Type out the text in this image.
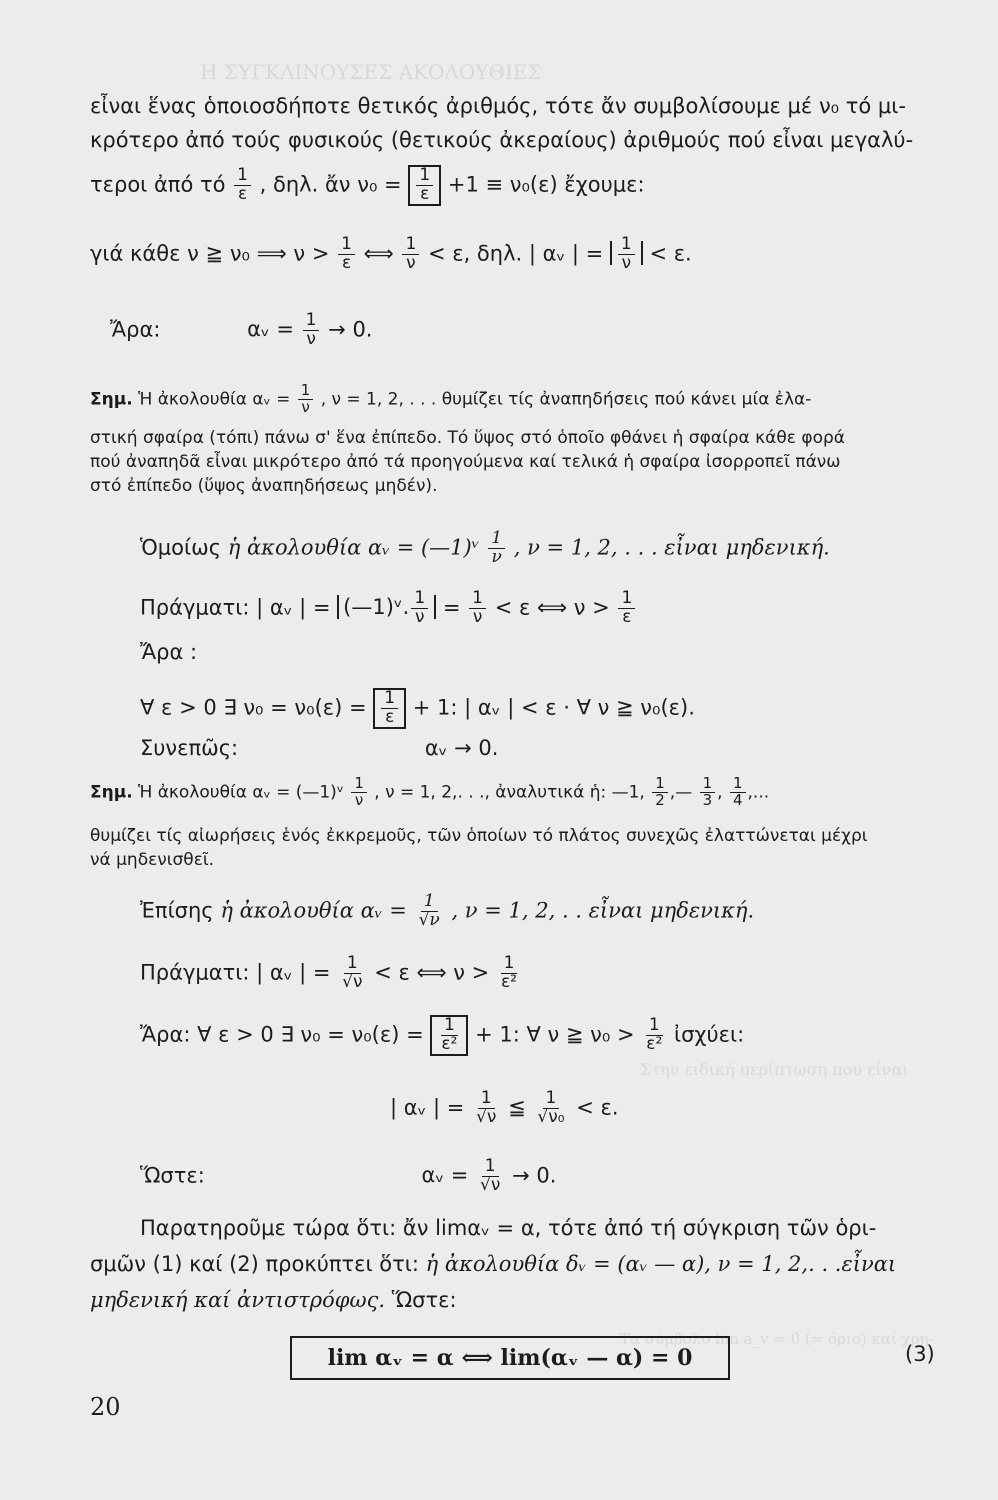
Η ΣΥΓΚΛΙΝΟΥΣΕΣ ΑΚΟΛΟΥΘΙΕΣ
Στην ειδική περίπτωση που είναι
Τα σύμβολο lim a_v = 0 (= όριο) καί χρη-
εἶναι ἕνας ὁποιοσδήποτε θετικός ἀριθμός, τότε ἄν συμβολίσουμε μέ ν₀ τό μι-
κρότερο ἀπό τούς φυσικούς (θετικούς ἀκεραίους) ἀριθμούς πού εἶναι μεγαλύ-
τεροι ἀπό τό $\frac{1}{\varepsilon}$ , δηλ. ἄν $\nu_0 = \frac{1}{\varepsilon} +1 \equiv \nu_0(\varepsilon)$ ἔχουμε:
γιά κάθε ν ≧ ν₀ ⟹ $\nu > \frac{1}{\varepsilon}$ ⟺ $\frac{1}{\nu} < \varepsilon$, δηλ. | αᵥ | = $\frac{1}{\nu} < \varepsilon$.
Ἄρα:	αᵥ = $\frac{1}{\nu} \to 0$.
Σημ. Ἡ ἀκολουθία αᵥ = $\frac{1}{\nu}$ , ν = 1, 2, . . . θυμίζει τίς ἀναπηδήσεις πού κάνει μία ἐλα-
στική σφαίρα (τόπι) πάνω σ' ἕνα ἐπίπεδο. Τό ὕψος στό ὁποῖο φθάνει ἡ σφαίρα κάθε φορά
πού ἀναπηδᾶ εἶναι μικρότερο ἀπό τά προηγούμενα καί τελικά ἡ σφαίρα ἰσορροπεῖ πάνω
στό ἐπίπεδο (ὕψος ἀναπηδήσεως μηδέν).
Ὁμοίως ἡ ἀκολουθία αᵥ = (—1)ᵛ $\frac{1}{\nu}$ , ν = 1, 2, . . . εἶναι μηδενική.
Πράγματι: | αᵥ | = (—1)ᵛ. $\frac{1}{\nu} = \frac{1}{\nu} < \varepsilon$ ⟺ $\nu > \frac{1}{\varepsilon}$
Ἄρα :
∀ ε > 0 ∃ $\nu_0 = \nu_0(\varepsilon) = \frac{1}{\varepsilon} + 1$: | αᵥ | < ε · ∀ ν ≧ ν₀(ε).
Συνεπῶς:	αᵥ → 0.
Σημ. Ἡ ἀκολουθία αᵥ = (—1)ᵛ $\frac{1}{\nu}$ , ν = 1, 2,. . ., ἀναλυτικά ἡ: —1, $\frac{1}{2}$ ,— $\frac{1}{3}$ , $\frac{1}{4}$ ,...
θυμίζει τίς αἰωρήσεις ἑνός ἐκκρεμοῦς, τῶν ὁποίων τό πλάτος συνεχῶς ἐλαττώνεται μέχρι
νά μηδενισθεῖ.
Ἐπίσης ἡ ἀκολουθία αᵥ = $\frac{1}{√\nu}$ , ν = 1, 2, . . εἶναι μηδενική.
Πράγματι: | αᵥ | = $\frac{1}{√\nu} < \varepsilon$ ⟺ $\nu > \frac{1}{\text{ε²}}$
Ἄρα: ∀ ε > 0 ∃ $\nu_0 = \nu_0(\varepsilon) = \frac{1}{\text{ε²}} + 1$: ∀ ν ≧ $\nu_0 > \frac{1}{\text{ε²}}$ ἰσχύει:
| αᵥ | = $\frac{1}{√\nu}$ ≦ $\frac{1}{\text{√ν₀}} < \varepsilon$.
Ὥστε:	αᵥ = $\frac{1}{√\nu} \to 0$.
Παρατηροῦμε τώρα ὅτι: ἄν limαᵥ = α, τότε ἀπό τή σύγκριση τῶν ὁρι-
σμῶν (1) καί (2) προκύπτει ὅτι: ἡ ἀκολουθία δᵥ = (αᵥ — α), ν = 1, 2,. . .εἶναι
μηδενική καί ἀντιστρόφως. Ὥστε:
lim αᵥ = α ⟺ lim(αᵥ — α) = 0	(3)
20
